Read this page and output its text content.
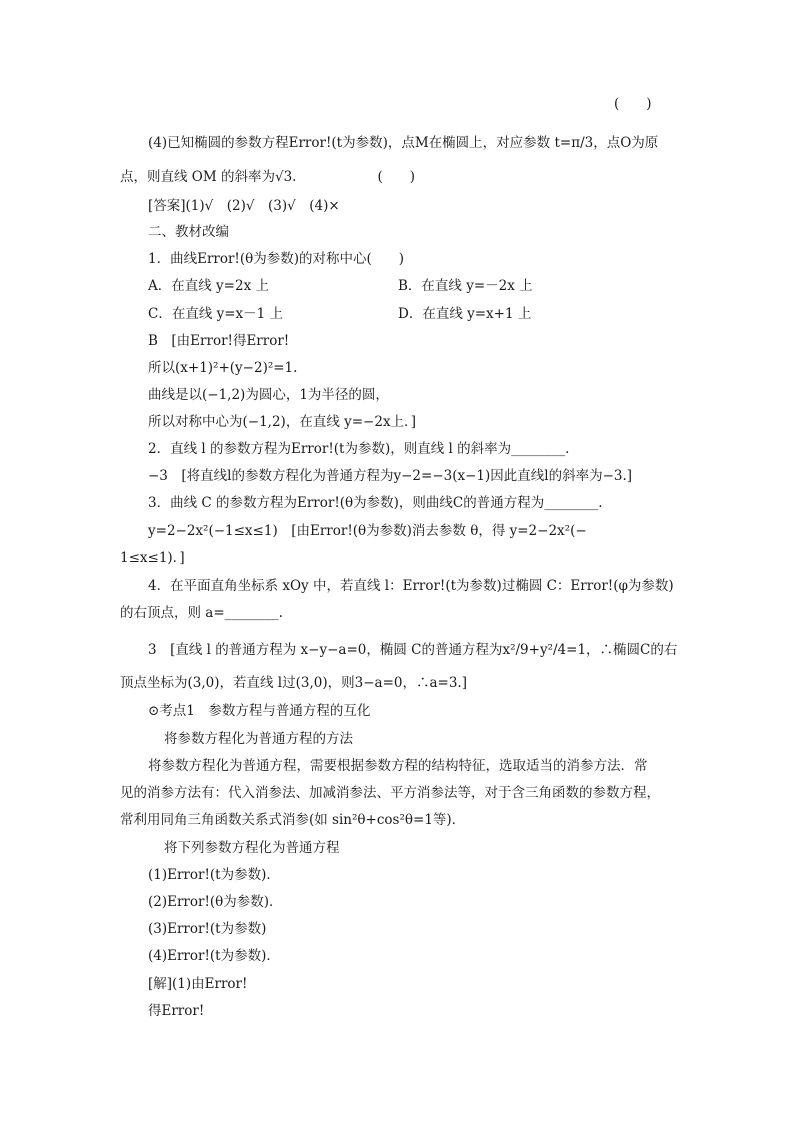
(　　)
(4)已知椭圆的参数方程Error!(t为参数)，点M在椭圆上，对应参数 t=π/3，点O为原
点，则直线 OM 的斜率为√3.　　　　　　(　　)
[答案](1)√　(2)√　(3)√　(4)×
二、教材改编
1．曲线Error!(θ为参数)的对称中心(　　)
A．在直线 y=2x 上	B．在直线 y=－2x 上
C．在直线 y=x－1 上	D．在直线 y=x+1 上
B　[由Error!得Error!
所以(x+1)²+(y−2)²=1.
曲线是以(−1,2)为圆心，1为半径的圆，
所以对称中心为(−1,2)，在直线 y=−2x上．]
2．直线 l 的参数方程为Error!(t为参数)，则直线 l 的斜率为________.
−3　[将直线l的参数方程化为普通方程为y−2=−3(x−1)因此直线l的斜率为−3.]
3．曲线 C 的参数方程为Error!(θ为参数)，则曲线C的普通方程为________.
y=2−2x²(−1≤x≤1)　[由Error!(θ为参数)消去参数 θ，得 y=2−2x²(−
1≤x≤1)．]
4．在平面直角坐标系 xOy 中，若直线 l：Error!(t为参数)过椭圆 C：Error!(φ为参数)
的右顶点，则 a=________.
3　[直线 l 的普通方程为 x−y−a=0，椭圆 C的普通方程为x²/9+y²/4=1，∴椭圆C的右
顶点坐标为(3,0)，若直线 l过(3,0)，则3−a=0，∴a=3.]
⊙考点1　参数方程与普通方程的互化
将参数方程化为普通方程的方法
将参数方程化为普通方程，需要根据参数方程的结构特征，选取适当的消参方法．常
见的消参方法有：代入消参法、加减消参法、平方消参法等，对于含三角函数的参数方程，
常利用同角三角函数关系式消参(如 sin²θ+cos²θ=1等)．
将下列参数方程化为普通方程
(1)Error!(t为参数)．
(2)Error!(θ为参数)．
(3)Error!(t为参数)
(4)Error!(t为参数)．
[解](1)由Error!
得Error!
